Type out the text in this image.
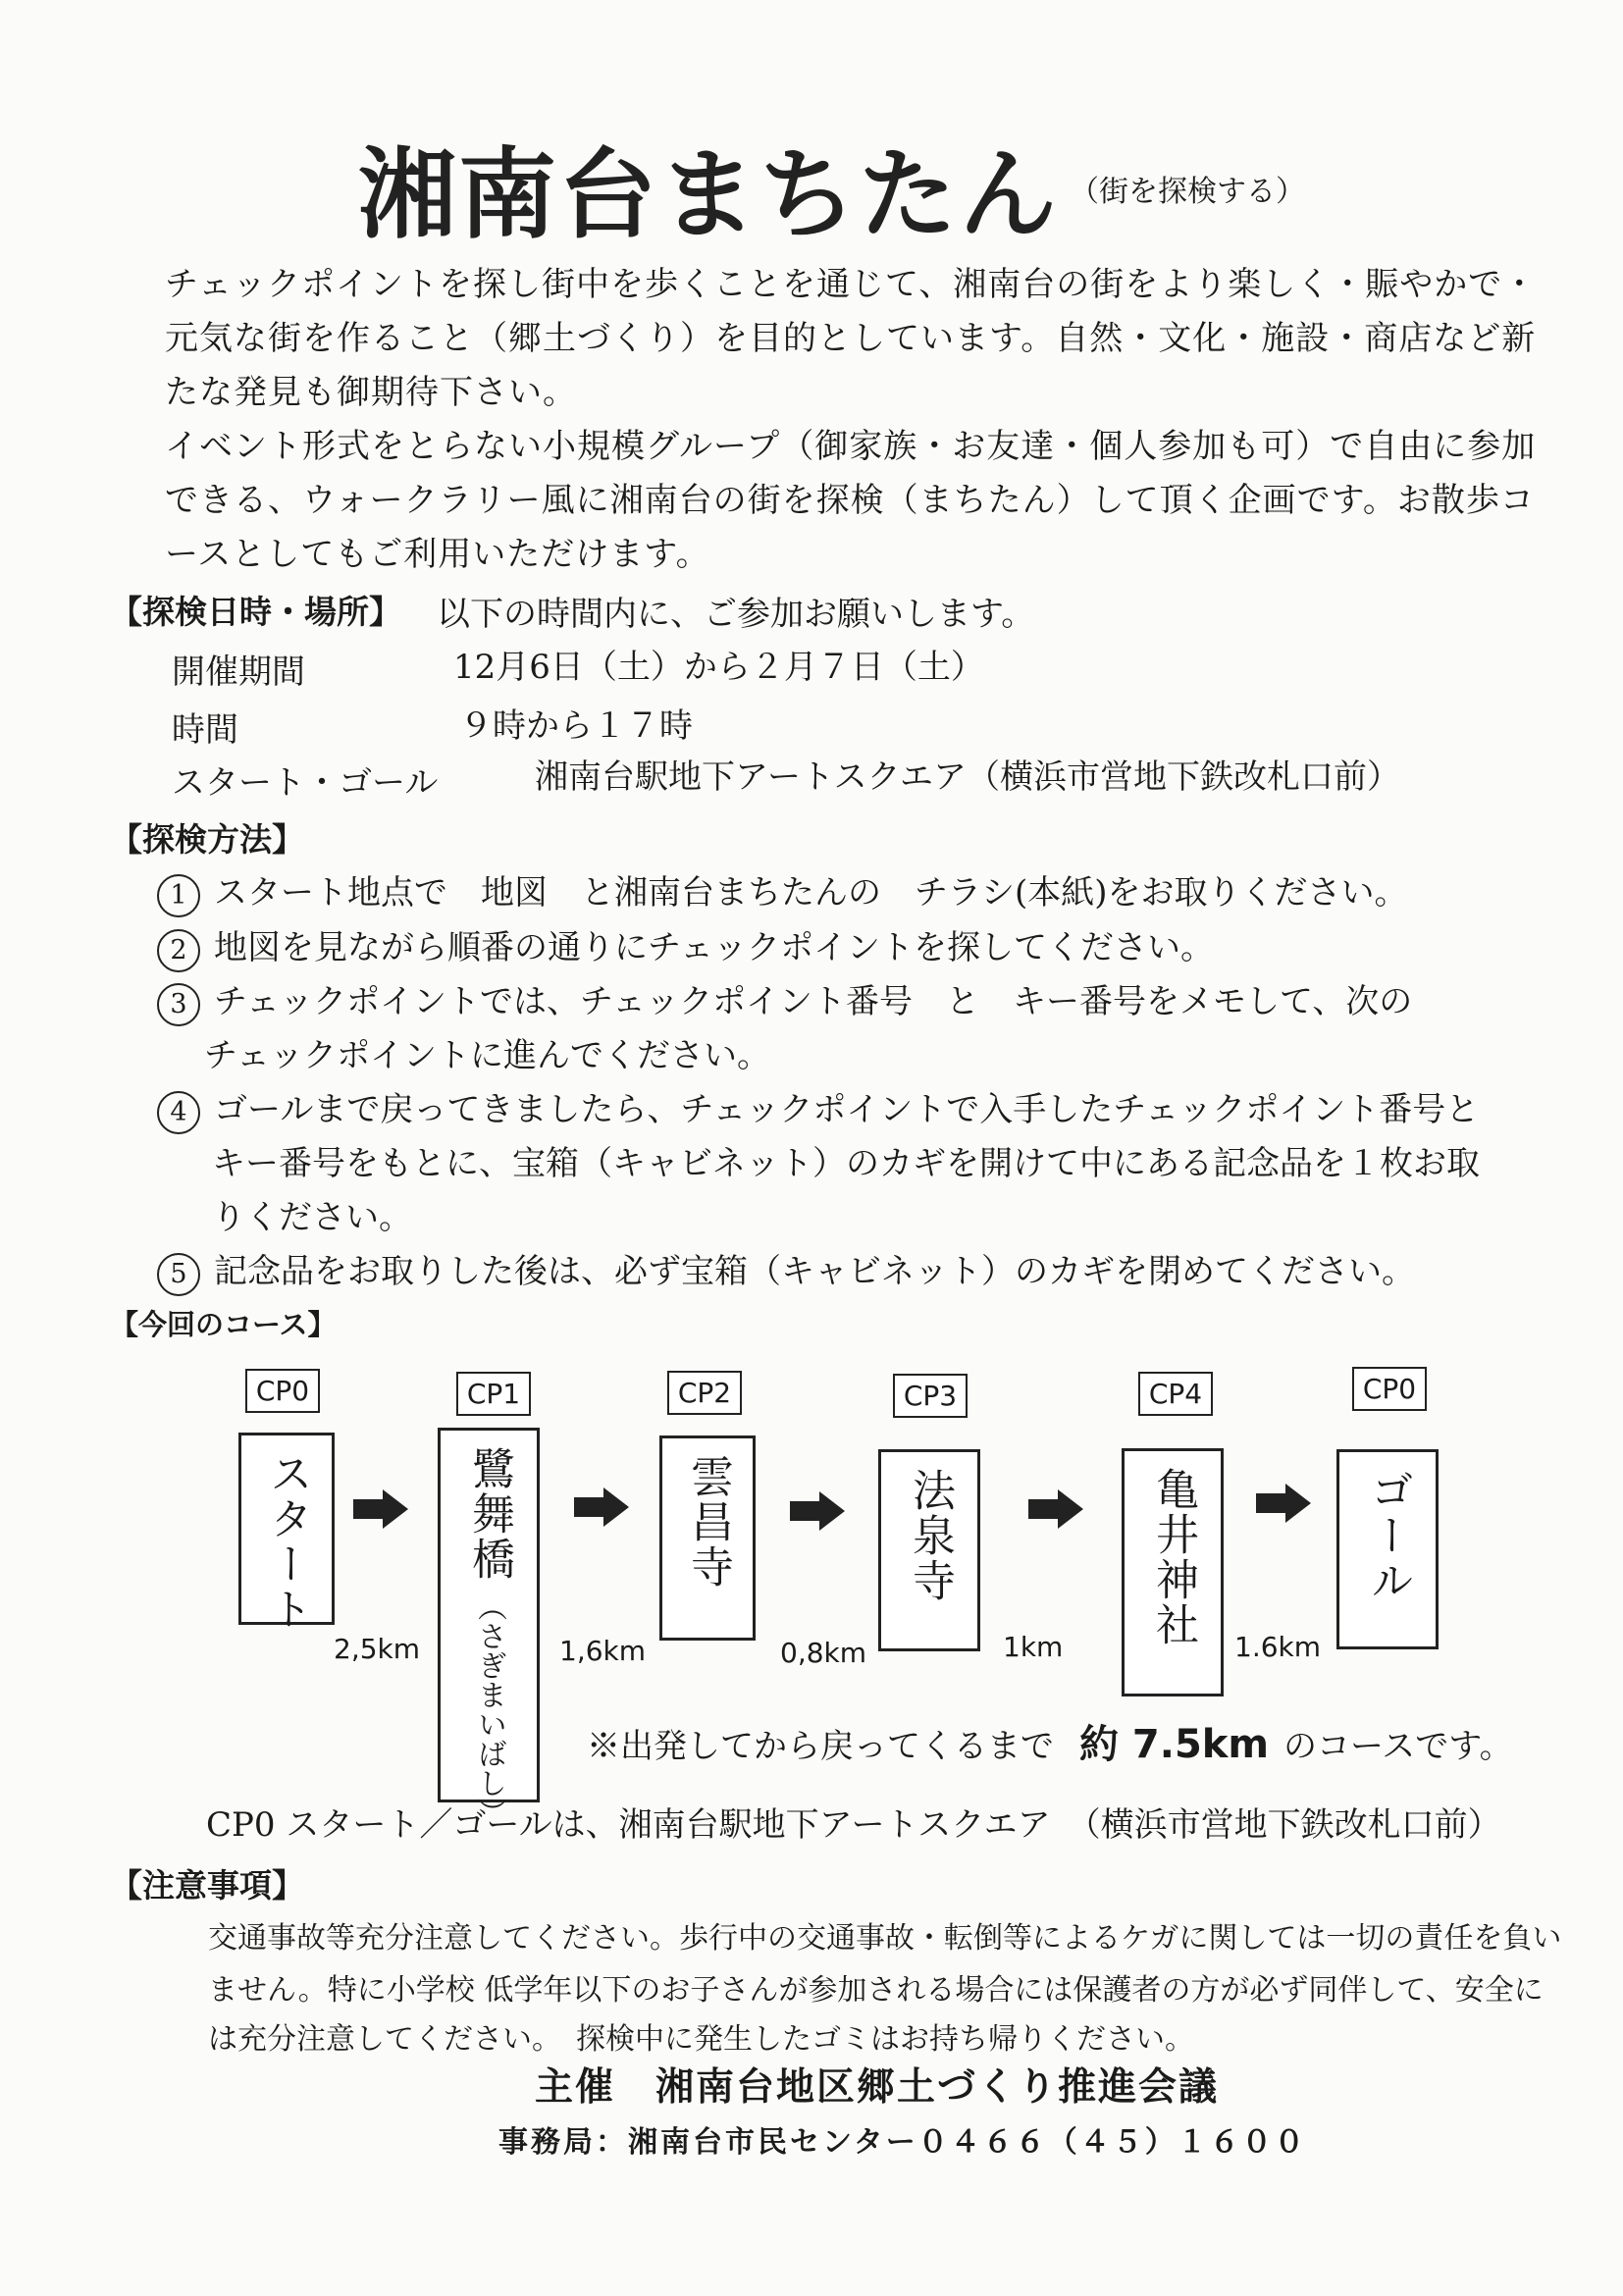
湘南台まちたん （街を探検する）
チェックポイントを探し街中を歩くことを通じて、湘南台の街をより楽しく・賑やかで・
元気な街を作ること（郷土づくり）を目的としています。自然・文化・施設・商店など新
たな発見も御期待下さい。
イベント形式をとらない小規模グループ（御家族・お友達・個人参加も可）で自由に参加
できる、ウォークラリー風に湘南台の街を探検（まちたん）して頂く企画です。お散歩コ
ースとしてもご利用いただけます。
【探検日時・場所】 以下の時間内に、ご参加お願いします。
開催期間	12月6日（土）から２月７日（土）
時間	９時から１７時
スタート・ゴール	湘南台駅地下アートスクエア（横浜市営地下鉄改札口前）
【探検方法】
1 スタート地点で　地図　と湘南台まちたんの　チラシ(本紙)をお取りください。
2 地図を見ながら順番の通りにチェックポイントを探してください。
3 チェックポイントでは、チェックポイント番号　と　キー番号をメモして、次の
チェックポイントに進んでください。
4 ゴールまで戻ってきましたら、チェックポイントで入手したチェックポイント番号と
キー番号をもとに、宝箱（キャビネット）のカギを開けて中にある記念品を１枚お取
りください。
5 記念品をお取りした後は、必ず宝箱（キャビネット）のカギを閉めてください。
【今回のコース】
CP0	CP1	CP2	CP3	CP4	CP0
スタート	鷺舞橋
（さぎまいばし）
雲昌寺	法泉寺	亀井神社	ゴール
2,5km	1,6km	0,8km	1km	1.6km
※出発してから戻ってくるまで 約 7.5km のコースです。
CP0 スタート／ゴールは、湘南台駅地下アートスクエア　（横浜市営地下鉄改札口前）
【注意事項】
交通事故等充分注意してください。歩行中の交通事故・転倒等によるケガに関しては一切の責任を負い
ません。特に小学校 低学年以下のお子さんが参加される場合には保護者の方が必ず同伴して、安全に
は充分注意してください。　探検中に発生したゴミはお持ち帰りください。
主催　湘南台地区郷土づくり推進会議
事務局：湘南台市民センター０４６６（４５）１６００
